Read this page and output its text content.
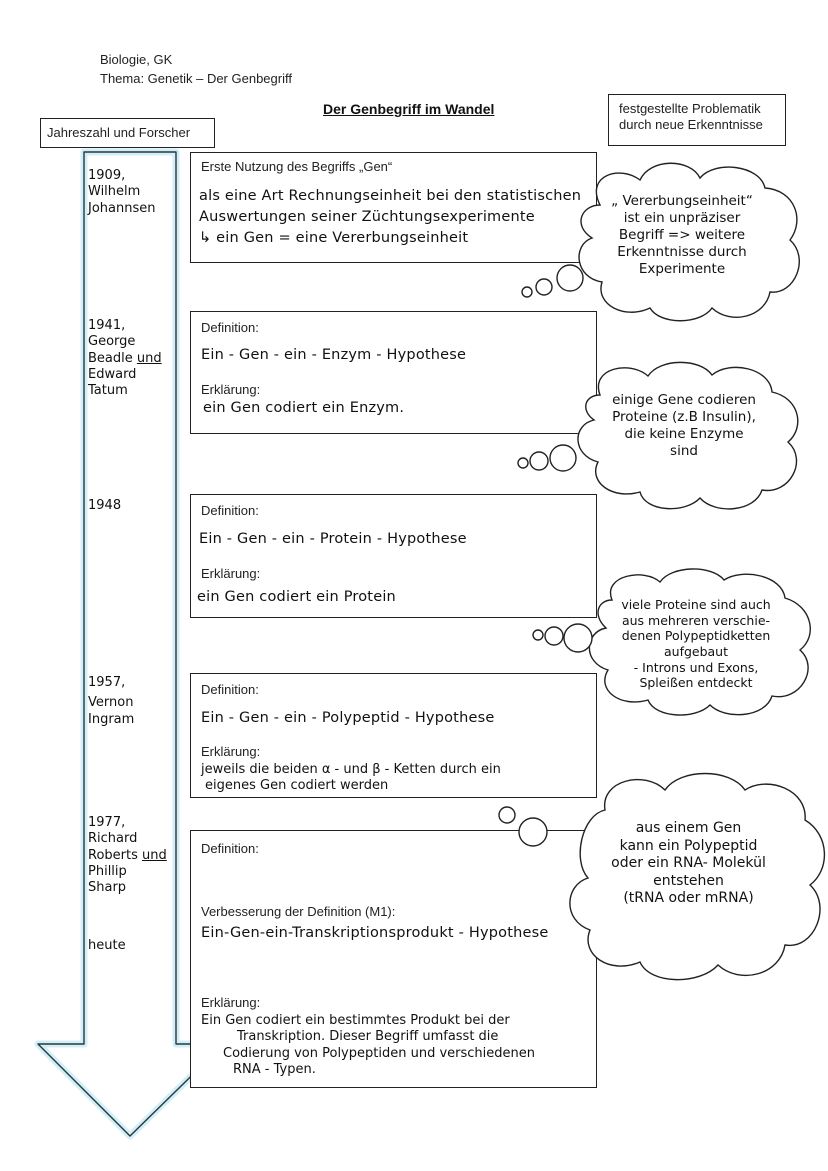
Biologie, GK
Thema: Genetik – Der Genbegriff
Der Genbegriff im Wandel
Jahreszahl und Forscher
festgestellte Problematik
durch neue Erkenntnisse
1909,
Wilhelm
Johannsen
1941,
George
Beadle und
Edward
Tatum
1948
1957,
Vernon
Ingram
1977,
Richard
Roberts und
Phillip
Sharp
heute
Erste Nutzung des Begriffs „Gen“
als eine Art Rechnungseinheit bei den statistischen
Auswertungen seiner Züchtungsexperimente
↳ ein Gen = eine Vererbungseinheit
Definition:
Ein - Gen - ein - Enzym - Hypothese
Erklärung:
ein Gen codiert ein Enzym.
Definition:
Ein - Gen - ein - Protein - Hypothese
Erklärung:
ein Gen codiert ein Protein
Definition:
Ein - Gen - ein - Polypeptid - Hypothese
Erklärung:
jeweils die beiden α - und β - Ketten durch ein
eigenes Gen codiert werden
Definition:
Verbesserung der Definition (M1):
Ein-Gen-ein-Transkriptionsprodukt - Hypothese
Erklärung:
Ein Gen codiert ein bestimmtes Produkt bei der
Transkription. Dieser Begriff umfasst die
Codierung von Polypeptiden und verschiedenen
RNA - Typen.
„ Vererbungseinheit“
ist ein unpräziser
Begriff => weitere
Erkenntnisse durch
Experimente
einige Gene codieren
Proteine (z.B Insulin),
die keine Enzyme
sind
viele Proteine sind auch
aus mehreren verschie-
denen Polypeptidketten
aufgebaut
- Introns und Exons,
Spleißen entdeckt
aus einem Gen
kann ein Polypeptid
oder ein RNA- Molekül
entstehen
(tRNA oder mRNA)
